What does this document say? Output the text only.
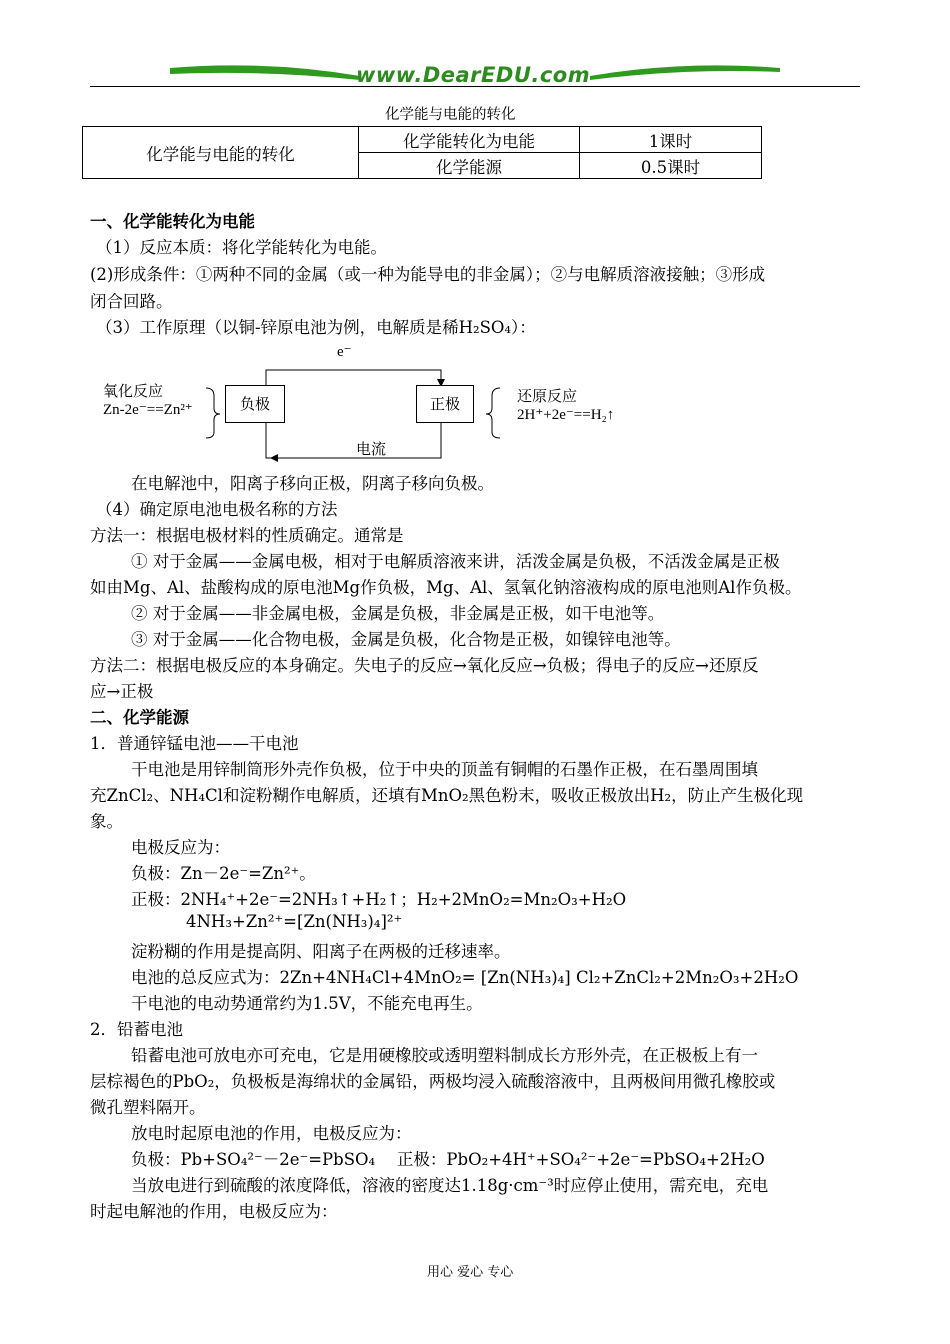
www.DearEDU.com
化学能与电能的转化
化学能与电能的转化	化学能转化为电能	1课时
	化学能源	0.5课时
一、化学能转化为电能
（1）反应本质：将化学能转化为电能。
(2)形成条件：①两种不同的金属（或一种为能导电的非金属）；②与电解质溶液接触；③形成
闭合回路。
（3）工作原理（以铜-锌原电池为例，电解质是稀H₂SO₄）：
e⁻
氧化反应
Zn-2e⁻==Zn²⁺	负极	正极	还原反应
2H⁺+2e⁻==H₂↑
电流
在电解池中，阳离子移向正极，阴离子移向负极。
（4）确定原电池电极名称的方法
方法一：根据电极材料的性质确定。通常是
① 对于金属——金属电极，相对于电解质溶液来讲，活泼金属是负极，不活泼金属是正极
如由Mg、Al、盐酸构成的原电池Mg作负极，Mg、Al、氢氧化钠溶液构成的原电池则Al作负极。
② 对于金属——非金属电极，金属是负极，非金属是正极，如干电池等。
③ 对于金属——化合物电极，金属是负极，化合物是正极，如镍锌电池等。
方法二：根据电极反应的本身确定。失电子的反应→氧化反应→负极；得电子的反应→还原反
应→正极
二、化学能源
1．普通锌锰电池——干电池
干电池是用锌制筒形外壳作负极，位于中央的顶盖有铜帽的石墨作正极，在石墨周围填
充ZnCl₂、NH₄Cl和淀粉糊作电解质，还填有MnO₂黑色粉末，吸收正极放出H₂，防止产生极化现
象。
电极反应为：
负极：Zn－2e⁻=Zn²⁺。
正极：2NH₄⁺+2e⁻=2NH₃↑+H₂↑；H₂+2MnO₂=Mn₂O₃+H₂O
4NH₃+Zn²⁺=[Zn(NH₃)₄]²⁺
淀粉糊的作用是提高阴、阳离子在两极的迁移速率。
电池的总反应式为：2Zn+4NH₄Cl+4MnO₂= [Zn(NH₃)₄] Cl₂+ZnCl₂+2Mn₂O₃+2H₂O
干电池的电动势通常约为1.5V，不能充电再生。
2．铅蓄电池
铅蓄电池可放电亦可充电，它是用硬橡胶或透明塑料制成长方形外壳，在正极板上有一
层棕褐色的PbO₂，负极板是海绵状的金属铅，两极均浸入硫酸溶液中，且两极间用微孔橡胶或
微孔塑料隔开。
放电时起原电池的作用，电极反应为：
负极：Pb+SO₄²⁻－2e⁻=PbSO₄　 正极：PbO₂+4H⁺+SO₄²⁻+2e⁻=PbSO₄+2H₂O
当放电进行到硫酸的浓度降低，溶液的密度达1.18g·cm⁻³时应停止使用，需充电，充电
时起电解池的作用，电极反应为：
用心 爱心 专心
